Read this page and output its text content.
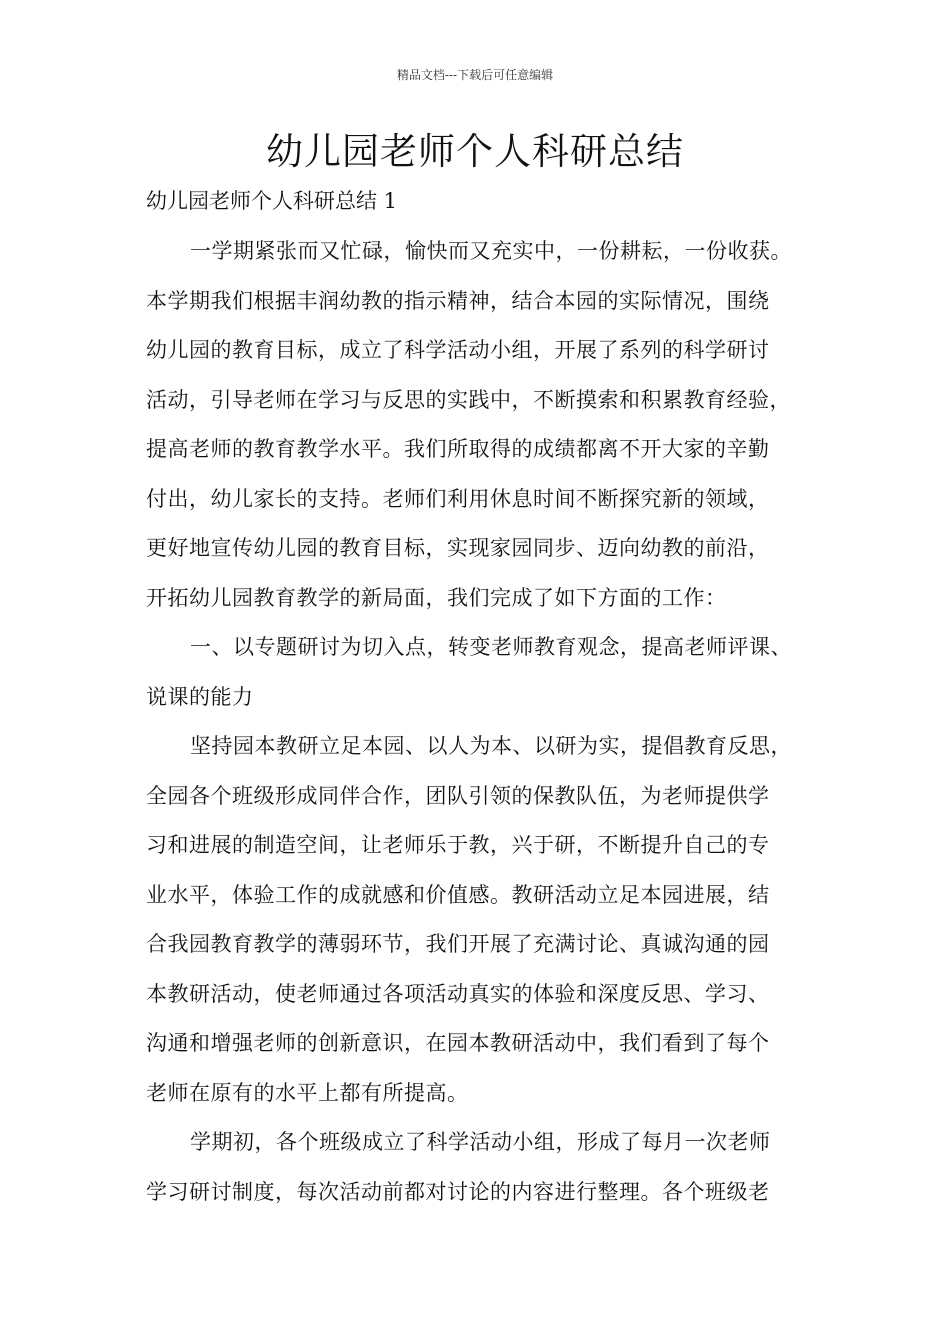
精品文档---下载后可任意编辑
幼儿园老师个人科研总结

幼儿园老师个人科研总结 1

一学期紧张而又忙碌，愉快而又充实中，一份耕耘，一份收获。
本学期我们根据丰润幼教的指示精神，结合本园的实际情况，围绕
幼儿园的教育目标，成立了科学活动小组，开展了系列的科学研讨
活动，引导老师在学习与反思的实践中，不断摸索和积累教育经验，
提高老师的教育教学水平。我们所取得的成绩都离不开大家的辛勤
付出，幼儿家长的支持。老师们利用休息时间不断探究新的领域，
更好地宣传幼儿园的教育目标，实现家园同步、迈向幼教的前沿，
开拓幼儿园教育教学的新局面，我们完成了如下方面的工作：
一、以专题研讨为切入点，转变老师教育观念，提高老师评课、
说课的能力
坚持园本教研立足本园、以人为本、以研为实，提倡教育反思，
全园各个班级形成同伴合作，团队引领的保教队伍，为老师提供学
习和进展的制造空间，让老师乐于教，兴于研，不断提升自己的专
业水平，体验工作的成就感和价值感。教研活动立足本园进展，结
合我园教育教学的薄弱环节，我们开展了充满讨论、真诚沟通的园
本教研活动，使老师通过各项活动真实的体验和深度反思、学习、
沟通和增强老师的创新意识，在园本教研活动中，我们看到了每个
老师在原有的水平上都有所提高。
学期初，各个班级成立了科学活动小组，形成了每月一次老师
学习研讨制度，每次活动前都对讨论的内容进行整理。各个班级老
